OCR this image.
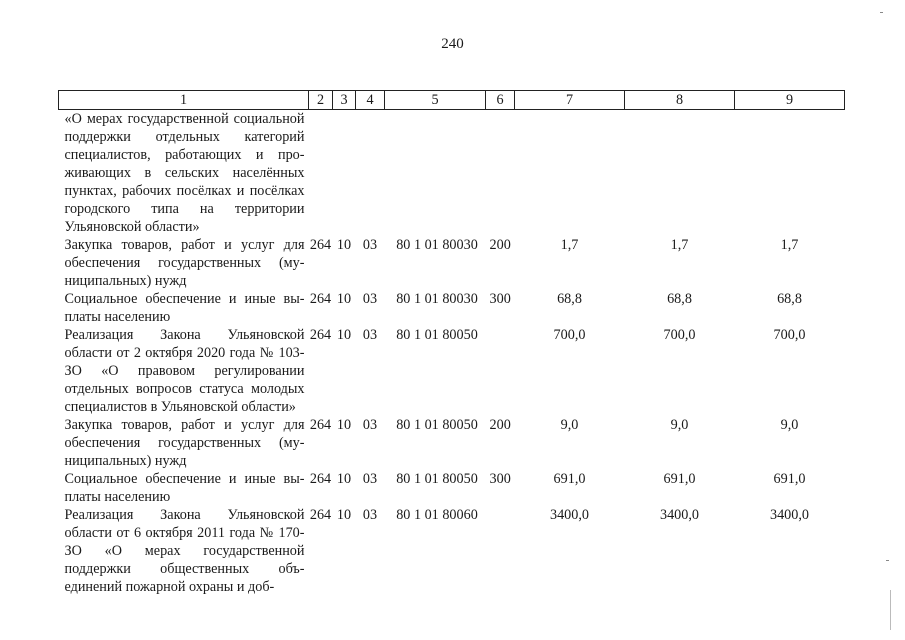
240
1	2	3	4	5	6	7	8	9
«О мерах государственной социальной поддержки отдельных категорий специалистов, работающих и проживающих в сельских населённых пунктах, рабочих посёлках и посёлках городского типа на территории Ульяновской области»								
Закупка товаров, работ и услуг для обеспечения государственных (муниципальных) нужд	264	10	03	80 1 01 80030	200	1,7	1,7	1,7
Социальное обеспечение и иные выплаты населению	264	10	03	80 1 01 80030	300	68,8	68,8	68,8
Реализация Закона Ульяновской области от 2 октября 2020 года № 103-ЗО «О правовом регулировании отдельных вопросов статуса молодых специалистов в Ульяновской области»	264	10	03	80 1 01 80050		700,0	700,0	700,0
Закупка товаров, работ и услуг для обеспечения государственных (муниципальных) нужд	264	10	03	80 1 01 80050	200	9,0	9,0	9,0
Социальное обеспечение и иные выплаты населению	264	10	03	80 1 01 80050	300	691,0	691,0	691,0
Реализация Закона Ульяновской области от 6 октября 2011 года № 170-ЗО «О мерах государственной поддержки общественных объединений пожарной охраны и доб-	264	10	03	80 1 01 80060		3400,0	3400,0	3400,0
